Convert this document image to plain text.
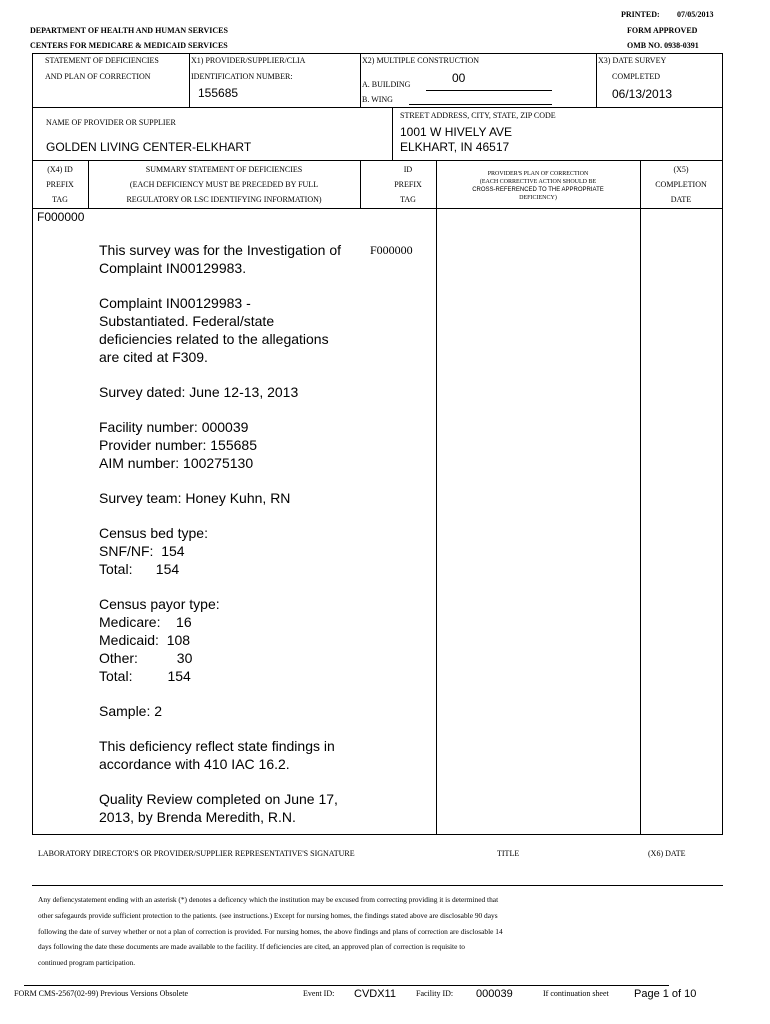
PRINTED: 07/05/2013
DEPARTMENT OF HEALTH AND HUMAN SERVICES	FORM APPROVED
CENTERS FOR MEDICARE & MEDICAID SERVICES	OMB NO. 0938-0391
STATEMENT OF DEFICIENCIES
AND PLAN OF CORRECTION
X1) PROVIDER/SUPPLIER/CLIA
IDENTIFICATION NUMBER:
155685
X2) MULTIPLE CONSTRUCTION
A. BUILDING	00
B. WING
X3) DATE SURVEY
COMPLETED
06/13/2013
NAME OF PROVIDER OR SUPPLIER
GOLDEN LIVING CENTER-ELKHART
STREET ADDRESS, CITY, STATE, ZIP CODE
1001 W HIVELY AVE
ELKHART, IN 46517
(X4) ID
PREFIX
TAG
SUMMARY STATEMENT OF DEFICIENCIES
(EACH DEFICIENCY MUST BE PRECEDED BY FULL
REGULATORY OR LSC IDENTIFYING INFORMATION)
ID
PREFIX
TAG
PROVIDER'S PLAN OF CORRECTION
(EACH CORRECTIVE ACTION SHOULD BE
CROSS-REFERENCED TO THE APPROPRIATE
DEFICIENCY)
(X5)
COMPLETION
DATE
F000000
F000000

This survey was for the Investigation of Complaint IN00129983.

Complaint IN00129983 - Substantiated. Federal/state deficiencies related to the allegations are cited at F309.

Survey dated: June 12-13, 2013

Facility number: 000039
Provider number: 155685
AIM number: 100275130

Survey team: Honey Kuhn, RN

Census bed type:
SNF/NF:  154
Total:      154

Census payor type:
Medicare:    16
Medicaid:  108
Other:          30
Total:         154

Sample: 2

This deficiency reflect state findings in accordance with 410 IAC 16.2.

Quality Review completed on June 17, 2013, by Brenda Meredith, R.N.

LABORATORY DIRECTOR'S OR PROVIDER/SUPPLIER REPRESENTATIVE'S SIGNATURE	TITLE	(X6) DATE
Any defiencystatement ending with an asterisk (*) denotes a deficency which the institution may be excused from correcting providing it is determined that
other safegaurds provide sufficient protection to the patients. (see instructions.) Except for nursing homes, the findings stated above are disclosable 90 days
following the date of survey whether or not a plan of correction is provided. For nursing homes, the above findings and plans of correction are disclosable 14
days following the date these documents are made available to the facility. If deficiencies are cited, an approved plan of correction is requisite to
continued program participation.
FORM CMS-2567(02-99) Previous Versions Obsolete	Event ID: CVDX11	Facility ID: 000039	If continuation sheet Page 1 of 10
